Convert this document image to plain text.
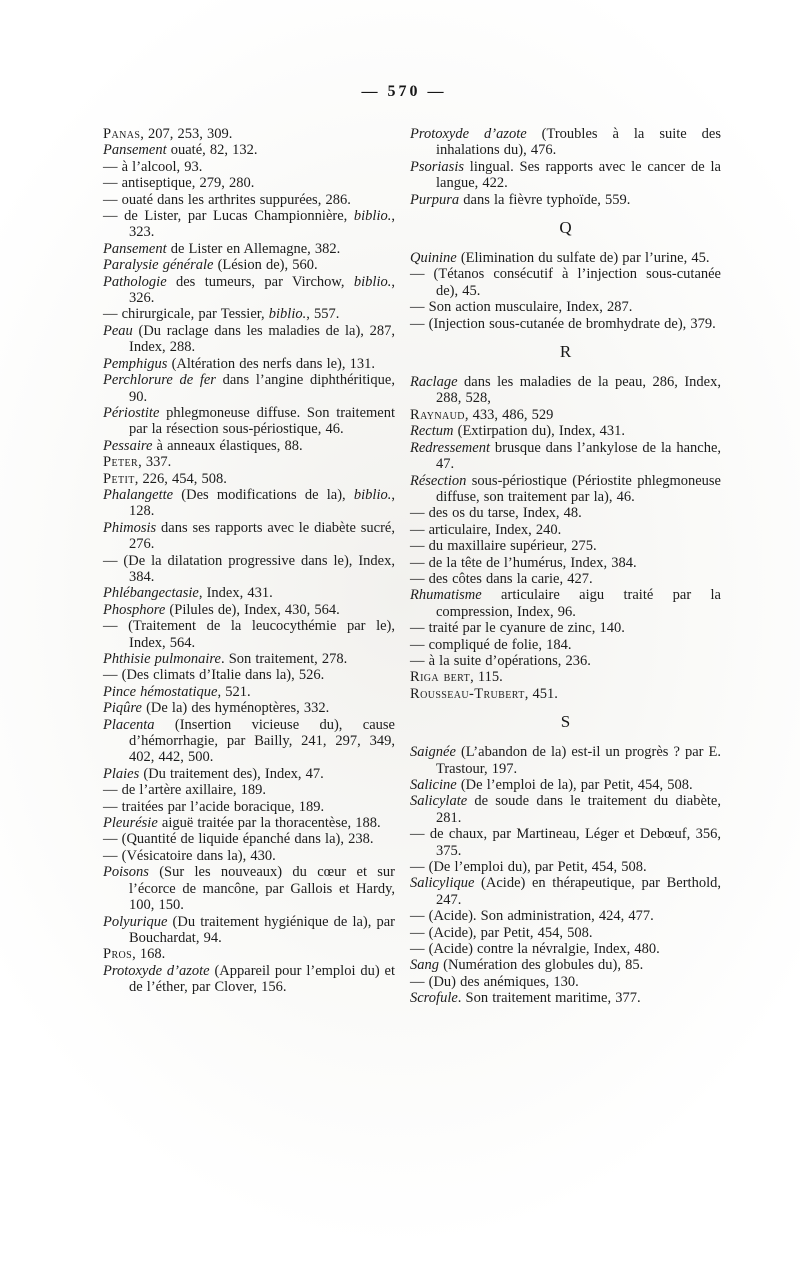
— 570 —

Panas, 207, 253, 309.

Pansement ouaté, 82, 132.

— à l’alcool, 93.

— antiseptique, 279, 280.

— ouaté dans les arthrites suppurées, 286.

— de Lister, par Lucas Championnière, biblio., 323.

Pansement de Lister en Allemagne, 382.

Paralysie générale (Lésion de), 560.

Pathologie des tumeurs, par Virchow, biblio., 326.

— chirurgicale, par Tessier, biblio., 557.

Peau (Du raclage dans les maladies de la), 287, Index, 288.

Pemphigus (Altération des nerfs dans le), 131.

Perchlorure de fer dans l’angine diphthéritique, 90.

Périostite phlegmoneuse diffuse. Son traitement par la résection sous-périostique, 46.

Pessaire à anneaux élastiques, 88.

Peter, 337.

Petit, 226, 454, 508.

Phalangette (Des modifications de la), biblio., 128.

Phimosis dans ses rapports avec le diabète sucré, 276.

— (De la dilatation progressive dans le), Index, 384.

Phlébangectasie, Index, 431.

Phosphore (Pilules de), Index, 430, 564.

— (Traitement de la leucocythémie par le), Index, 564.

Phthisie pulmonaire. Son traitement, 278.

— (Des climats d’Italie dans la), 526.

Pince hémostatique, 521.

Piqûre (De la) des hyménoptères, 332.

Placenta (Insertion vicieuse du), cause d’hémorrhagie, par Bailly, 241, 297, 349, 402, 442, 500.

Plaies (Du traitement des), Index, 47.

— de l’artère axillaire, 189.

— traitées par l’acide boracique, 189.

Pleurésie aiguë traitée par la thoracentèse, 188.

— (Quantité de liquide épanché dans la), 238.

— (Vésicatoire dans la), 430.

Poisons (Sur les nouveaux) du cœur et sur l’écorce de mancône, par Gallois et Hardy, 100, 150.

Polyurique (Du traitement hygiénique de la), par Bouchardat, 94.

Pros, 168.

Protoxyde d’azote (Appareil pour l’emploi du) et de l’éther, par Clover, 156.

Protoxyde d’azote (Troubles à la suite des inhalations du), 476.

Psoriasis lingual. Ses rapports avec le cancer de la langue, 422.

Purpura dans la fièvre typhoïde, 559.

Q

Quinine (Elimination du sulfate de) par l’urine, 45.

— (Tétanos consécutif à l’injection sous-cutanée de), 45.

— Son action musculaire, Index, 287.

— (Injection sous-cutanée de bromhydrate de), 379.

R

Raclage dans les maladies de la peau, 286, Index, 288, 528,

Raynaud, 433, 486, 529

Rectum (Extirpation du), Index, 431.

Redressement brusque dans l’ankylose de la hanche, 47.

Résection sous-périostique (Périostite phlegmoneuse diffuse, son traitement par la), 46.

— des os du tarse, Index, 48.

— articulaire, Index, 240.

— du maxillaire supérieur, 275.

— de la tête de l’humérus, Index, 384.

— des côtes dans la carie, 427.

Rhumatisme articulaire aigu traité par la compression, Index, 96.

— traité par le cyanure de zinc, 140.

— compliqué de folie, 184.

— à la suite d’opérations, 236.

Riga bert, 115.

Rousseau-Trubert, 451.

S

Saignée (L’abandon de la) est-il un progrès ? par E. Trastour, 197.

Salicine (De l’emploi de la), par Petit, 454, 508.

Salicylate de soude dans le traitement du diabète, 281.

— de chaux, par Martineau, Léger et Debœuf, 356, 375.

— (De l’emploi du), par Petit, 454, 508.

Salicylique (Acide) en thérapeutique, par Berthold, 247.

— (Acide). Son administration, 424, 477.

— (Acide), par Petit, 454, 508.

— (Acide) contre la névralgie, Index, 480.

Sang (Numération des globules du), 85.

— (Du) des anémiques, 130.

Scrofule. Son traitement maritime, 377.
